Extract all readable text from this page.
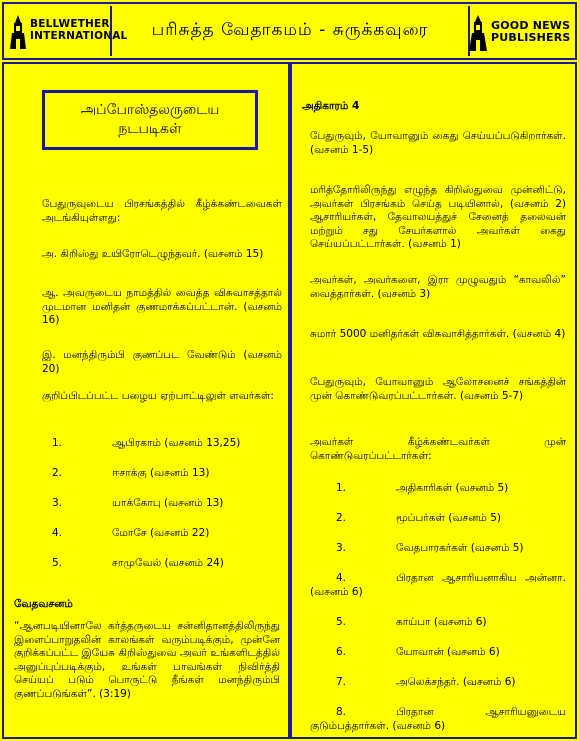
BELLWETHER
INTERNATIONAL	பரிசுத்த வேதாகமம் - சுருக்கவுரை	GOOD NEWS
PUBLISHERS
அப்போஸ்தலருடைய
நடபடிகள்
பேதுருவுடைய பிரசங்கத்தில் கீழ்க்கண்டவைகள் அடங்கியுள்ளது:
அ. கிறிஸ்து உயிரோடெழுந்தவர். (வசனம் 15)
ஆ. அவருடைய நாமத்தில் வைத்த விசுவாசத்தால் முடமான மனிதன் குணமாக்கப்பட்டான். (வசனம் 16)
இ. மனந்திரும்பி குணப்பட வேண்டும் (வசனம் 20)
குறிப்பிடப்பட்ட பழைய ஏற்பாட்டிலுள் ளவர்கள்:
1.	ஆபிரகாம் (வசனம் 13,25)
2.	ஈசாக்கு (வசனம் 13)
3.	யாக்கோபு (வசனம் 13)
4.	மோசே (வசனம் 22)
5.	சாமுவேல் (வசனம் 24)
வேதவசனம்
“ஆனபடியினாலே கர்த்தருடைய சன்னிதானத்திலிருந்து இளைப்பாறுதலின் காலங்கள் வரும்படிக்கும், முன்னே குறிக்கப்பட்ட இயேசு கிறிஸ்துவை அவர் உங்களிடத்தில் அனுப்புப்படிக்கும், உங்கள் பாவங்கள் நிவிர்த்தி செய்யப் படும் பொருட்டு நீங்கள் மனந்திரும்பி குணப்படுங்கள்”. (3:19)
அதிகாரம் 4
பேதுருவும், யோவானும் கைது செய்யப்படுகிறார்கள். (வசனம் 1-5)
மரித்தோரிலிருந்து எழுந்த கிறிஸ்துவை முன்னிட்டு, அவர்கள் பிரசங்கம் செய்த படியினால், (வசனம் 2) ஆசாரியர்கள், தேவாலயத்துச் சேனைத் தலைவன் மற்றும் சது சேயர்களால் அவர்கள் கைது செய்யப்பட்டார்கள். (வசனம் 1)
அவர்கள், அவர்களை, இரா முழுவதும் “காவலில்” வைத்தார்கள். (வசனம் 3)
சுமார் 5000 மனிதர்கள் விசுவாசித்தார்கள். (வசனம் 4)
பேதுருவும், யோவானும் ஆலோசனைச் சங்கத்தின் முன் கொண்டுவரப்பட்டார்கள். (வசனம் 5-7)
அவர்கள் கீழ்க்கண்டவர்கள் முன் கொண்டுவரப்பட்டார்கள்:
1.	அதிகாரிகள் (வசனம் 5)
2.	மூப்பர்கள் (வசனம் 5)
3.	வேதபாரகர்கள் (வசனம் 5)
4.	பிரதான ஆசாரியனாகிய அன்னா. (வசனம் 6)
5.	காய்பா (வசனம் 6)
6.	யோவான் (வசனம் 6)
7.	அலெக்சந்தர். (வசனம் 6)
8.	பிரதான ஆசாரியனுடைய குடும்பத்தார்கள். (வசனம் 6)
